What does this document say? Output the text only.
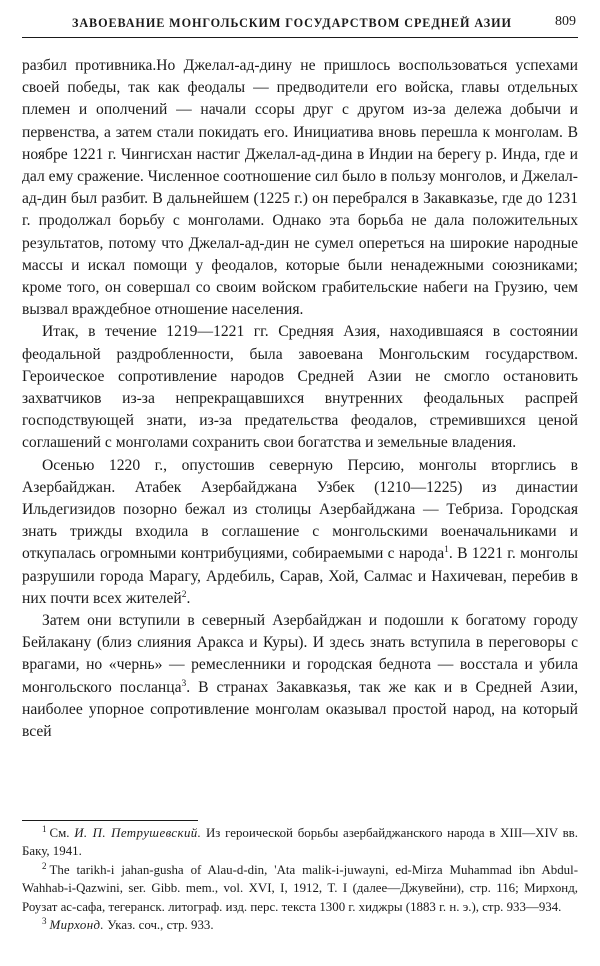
ЗАВОЕВАНИЕ МОНГОЛЬСКИМ ГОСУДАРСТВОМ СРЕДНЕЙ АЗИИ	809

разбил противника.Но Джелал-ад-дину не пришлось воспользоваться успехами своей победы, так как феодалы — предводители его войска, главы отдельных племен и ополчений — начали ссоры друг с другом из-за дележа добычи и первенства, а затем стали покидать его. Инициатива вновь перешла к монголам. В ноябре 1221 г. Чингисхан настиг Джелал-ад-дина в Индии на берегу р. Инда, где и дал ему сражение. Численное соотношение сил было в пользу монголов, и Джелал-ад-дин был разбит. В дальнейшем (1225 г.) он перебрался в Закавказье, где до 1231 г. продолжал борьбу с монголами. Однако эта борьба не дала положительных результатов, потому что Джелал-ад-дин не сумел опереться на широкие народные массы и искал помощи у феодалов, которые были ненадежными союзниками; кроме того, он совершал со своим войском грабительские набеги на Грузию, чем вызвал враждебное отношение населения.

Итак, в течение 1219—1221 гг. Средняя Азия, находившаяся в состоянии феодальной раздробленности, была завоевана Монгольским государством. Героическое сопротивление народов Средней Азии не смогло остановить захватчиков из-за непрекращавшихся внутренних феодальных распрей господствующей знати, из-за предательства феодалов, стремившихся ценой соглашений с монголами сохранить свои богатства и земельные владения.

Осенью 1220 г., опустошив северную Персию, монголы вторглись в Азербайджан. Атабек Азербайджана Узбек (1210—1225) из династии Ильдегизидов позорно бежал из столицы Азербайджана — Тебриза. Городская знать трижды входила в соглашение с монгольскими военачальниками и откупалась огромными контрибуциями, собираемыми с народа$^1$. В 1221 г. монголы разрушили города Марагу, Ардебиль, Сарав, Хой, Салмас и Нахичеван, перебив в них почти всех жителей$^2$.

Затем они вступили в северный Азербайджан и подошли к богатому городу Бейлакану (близ слияния Аракса и Куры). И здесь знать вступила в переговоры с врагами, но «чернь» — ремесленники и городская беднота — восстала и убила монгольского посланца$^3$. В странах Закавказья, так же как и в Средней Азии, наиболее упорное сопротивление монголам оказывал простой народ, на который всей

$^1$ См. И. П. Петрушевский. Из героической борьбы азербайджанского народа в XIII—XIV вв. Баку, 1941.

$^2$ The tarikh-i jahan-gusha of Alau-d-din, 'Ata malik-i-juwayni, ed-Mirza Muhammad ibn Abdul-Wahhab-i-Qazwini, ser. Gibb. mem., vol. XVI, I, 1912, T. I (далее—Джувейни), стр. 116; Мирхонд, Роузат ас-сафа, тегеранск. литограф. изд. перс. текста 1300 г. хиджры (1883 г. н. э.), стр. 933—934.

$^3$ Мирхонд. Указ. соч., стр. 933.
